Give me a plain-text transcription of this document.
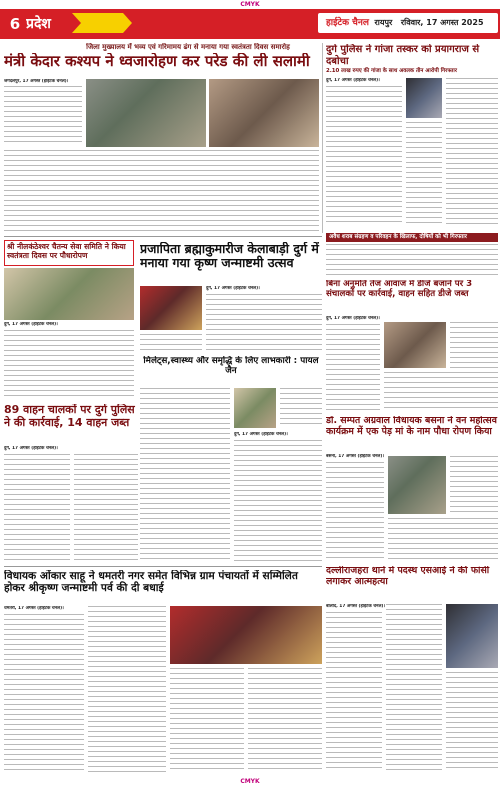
CMYK
6 प्रदेश	हाईटेक चैनल रायपुर रविवार, 17 अगस्त 2025
जिला मुख्यालय में भव्य एवं गरिमामय ढंग से मनाया गया स्वतंत्रता दिवस समारोह
मंत्री केदार कश्यप ने ध्वजारोहण कर परेड की ली सलामी
जगदलपुर, 17 अगस्त (हाईटेक चैनल)।
दुर्ग पुलिस ने गांजा तस्कर को प्रयागराज से दबोचा
2.10 लाख रुपए की गांजा के साथ अवलक तीन आरोपी गिरफ्तार
दुर्ग, 17 अगस्त (हाईटेक चैनल)।
अवैध शराब संग्रहण व परिवहन के खिलाफ, दोषियों को भी गिरफ्तार
श्री नीलकंठेश्वर चैतन्य सेवा समिति ने किया स्वतंत्रता दिवस पर पौधारोपण
दुर्ग, 17 अगस्त (हाईटेक चैनल)।
प्रजापिता ब्रह्माकुमारीज केलाबाड़ी दुर्ग में मनाया गया कृष्ण जन्माष्टमी उत्सव
दुर्ग, 17 अगस्त (हाईटेक चैनल)।	बिना अनुमति तेज आवाज में डीजे बजाने पर 3 संचालकों पर कार्रवाई, वाहन सहित डीजे जब्त
दुर्ग, 17 अगस्त (हाईटेक चैनल)।
89 वाहन चालकों पर दुर्ग पुलिस ने की कार्रवाई, 14 वाहन जब्त
दुर्ग, 17 अगस्त (हाईटेक चैनल)।
मिलेट्स,स्वास्थ्य और समृद्धि के लिए लाभकारी : पायल जैन
दुर्ग, 17 अगस्त (हाईटेक चैनल)।
डॉ. सम्पत अग्रवाल विधायक बसना ने वन महोत्सव कार्यक्रम में एक पेड़ मां के नाम पौधा रोपण किया
बसना, 17 अगस्त (हाईटेक चैनल)।
विधायक ओंकार साहू ने धमतरी नगर समेत विभिन्न ग्राम पंचायतों में सम्मिलित होकर श्रीकृष्ण जन्माष्टमी पर्व की दी बधाई
धमतरी, 17 अगस्त (हाईटेक चैनल)।
दल्लीराजहरा थाने में पदस्थ एसआई ने की फांसी लगाकर आत्महत्या
बालोद, 17 अगस्त (हाईटेक चैनल)।
CMYK
